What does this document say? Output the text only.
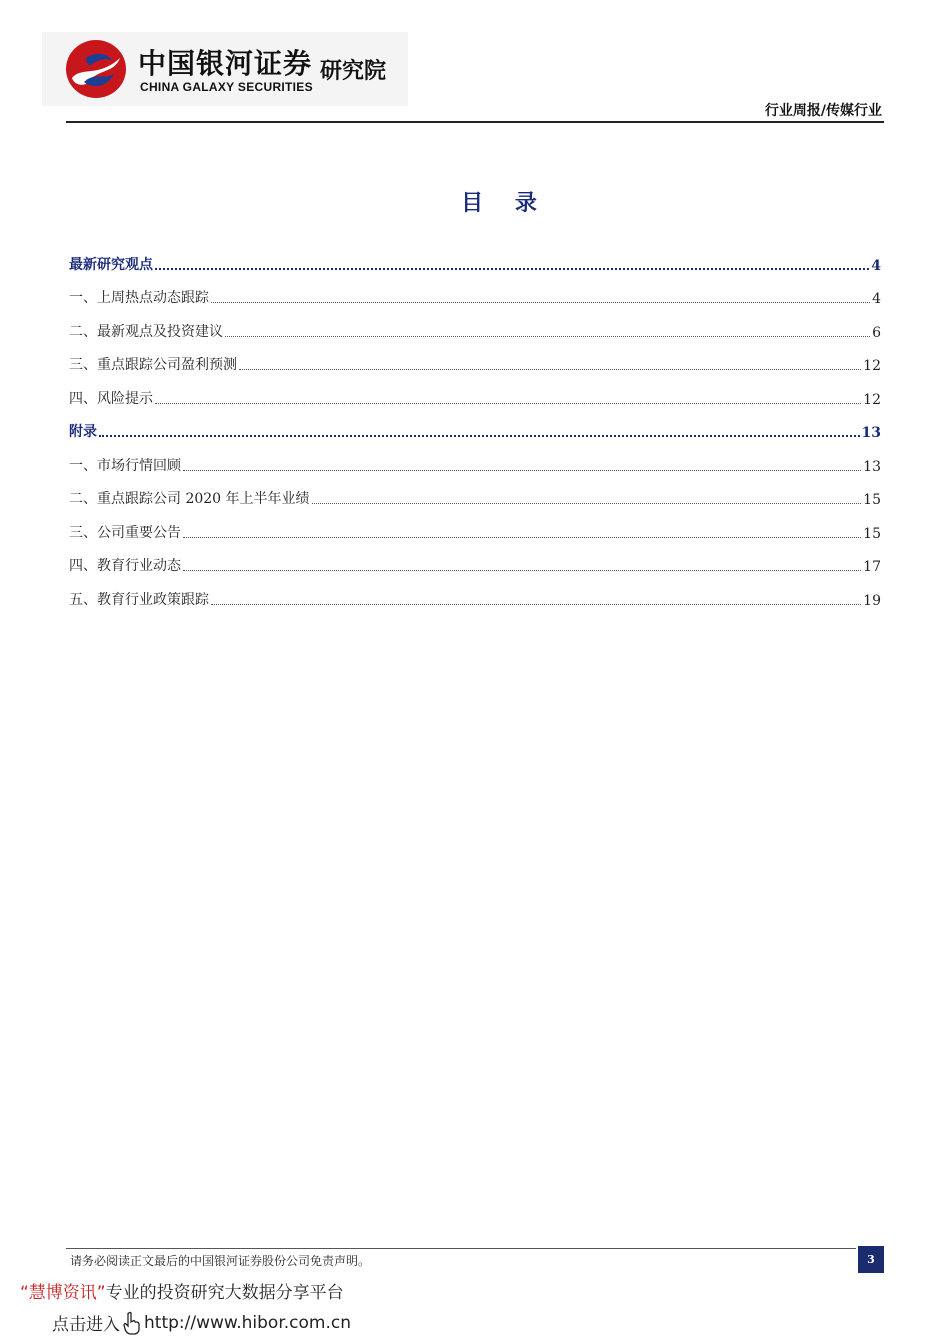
中国银河证券 研究院
CHINA GALAXY SECURITIES
行业周报/传媒行业
目 录
最新研究观点	4
一、上周热点动态跟踪	4
二、最新观点及投资建议	6
三、重点跟踪公司盈利预测	12
四、风险提示	12
附录	13
一、市场行情回顾	13
二、重点跟踪公司 2020 年上半年业绩	15
三、公司重要公告	15
四、教育行业动态	17
五、教育行业政策跟踪	19
请务必阅读正文最后的中国银河证券股份公司免责声明。	3
“慧博资讯”专业的投资研究大数据分享平台
点击进入 http://www.hibor.com.cn
